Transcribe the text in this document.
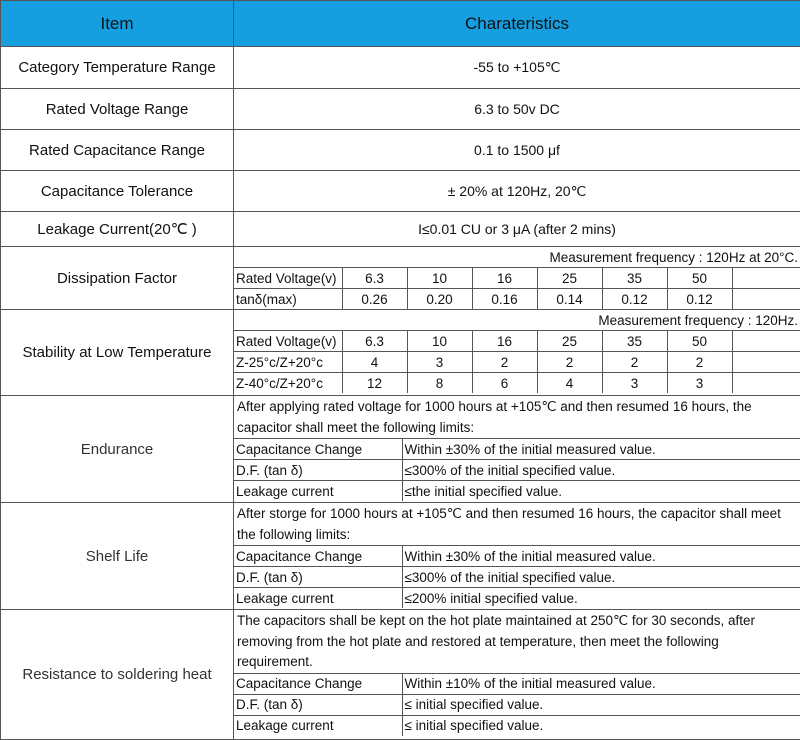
Item	Charateristics
Category Temperature Range	-55 to +105℃
Rated Voltage Range	6.3 to 50v DC
Rated Capacitance Range	0.1 to 1500 μf
Capacitance Tolerance	± 20% at 120Hz, 20℃
Leakage Current(20℃ )	I≤0.01 CU or 3 μA (after 2 mins)
Dissipation Factor	
Measurement frequency : 120Hz at 20°C.
Rated Voltage(v)	6.3	10	16	25	35	50	
tanδ(max)	0.26	0.20	0.16	0.14	0.12	0.12	

Stability at Low Temperature	
Measurement frequency : 120Hz.
Rated Voltage(v)	6.3	10	16	25	35	50	
Z-25°c/Z+20°c	4	3	2	2	2	2	
Z-40°c/Z+20°c	12	8	6	4	3	3	

Endurance	
After applying rated voltage for 1000 hours at +105℃ and then resumed 16 hours, the capacitor shall meet the following limits:
Capacitance Change	Within ±30% of the initial measured value.
D.F. (tan δ)	≤300% of the initial specified value.
Leakage current	≤the initial specified value.

Shelf Life	
After storge for 1000 hours at +105℃ and then resumed 16 hours, the capacitor shall meet the following limits:
Capacitance Change	Within ±30% of the initial measured value.
D.F. (tan δ)	≤300% of the initial specified value.
Leakage current	≤200% initial specified value.

Resistance to soldering heat	
The capacitors shall be kept on the hot plate maintained at 250℃ for 30 seconds, after removing from the hot plate and restored at temperature, then meet the following requirement.
Capacitance Change	Within ±10% of the initial measured value.
D.F. (tan δ)	≤ initial specified value.
Leakage current	≤ initial specified value.
